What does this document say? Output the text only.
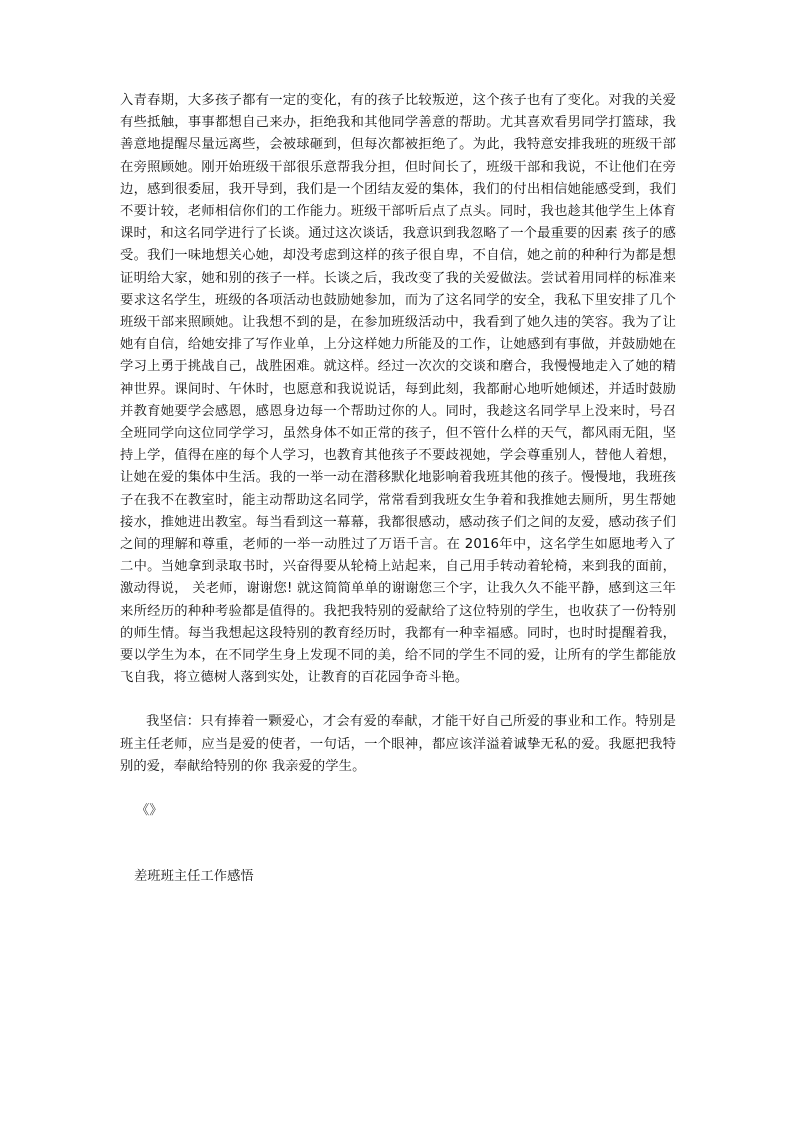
入青春期，大多孩子都有一定的变化，有的孩子比较叛逆，这个孩子也有了变化。对我的关爱有些抵触，事事都想自己来办，拒绝我和其他同学善意的帮助。尤其喜欢看男同学打篮球，我善意地提醒尽量远离些，会被球砸到，但每次都被拒绝了。为此，我特意安排我班的班级干部在旁照顾她。刚开始班级干部很乐意帮我分担，但时间长了，班级干部和我说，不让他们在旁边，感到很委屈，我开导到，我们是一个团结友爱的集体，我们的付出相信她能感受到，我们不要计较，老师相信你们的工作能力。班级干部听后点了点头。同时，我也趁其他学生上体育课时，和这名同学进行了长谈。通过这次谈话，我意识到我忽略了一个最重要的因素 孩子的感受。我们一味地想关心她，却没考虑到这样的孩子很自卑，不自信，她之前的种种行为都是想证明给大家，她和别的孩子一样。长谈之后，我改变了我的关爱做法。尝试着用同样的标准来要求这名学生，班级的各项活动也鼓励她参加，而为了这名同学的安全，我私下里安排了几个班级干部来照顾她。让我想不到的是，在参加班级活动中，我看到了她久违的笑容。我为了让她有自信，给她安排了写作业单，上分这样她力所能及的工作，让她感到有事做，并鼓励她在学习上勇于挑战自己，战胜困难。就这样。经过一次次的交谈和磨合，我慢慢地走入了她的精神世界。课间时、午休时，也愿意和我说说话，每到此刻，我都耐心地听她倾述，并适时鼓励并教育她要学会感恩，感恩身边每一个帮助过你的人。同时，我趁这名同学早上没来时，号召全班同学向这位同学学习，虽然身体不如正常的孩子，但不管什么样的天气，都风雨无阻，坚持上学，值得在座的每个人学习，也教育其他孩子不要歧视她，学会尊重别人，替他人着想，让她在爱的集体中生活。我的一举一动在潜移默化地影响着我班其他的孩子。慢慢地，我班孩子在我不在教室时，能主动帮助这名同学，常常看到我班女生争着和我推她去厕所，男生帮她接水，推她进出教室。每当看到这一幕幕，我都很感动，感动孩子们之间的友爱，感动孩子们之间的理解和尊重，老师的一举一动胜过了万语千言。在 2016年中，这名学生如愿地考入了二中。当她拿到录取书时，兴奋得要从轮椅上站起来，自己用手转动着轮椅，来到我的面前，激动得说， 关老师，谢谢您! 就这简简单单的谢谢您三个字，让我久久不能平静，感到这三年来所经历的种种考验都是值得的。我把我特别的爱献给了这位特别的学生，也收获了一份特别的师生情。每当我想起这段特别的教育经历时，我都有一种幸福感。同时，也时时提醒着我，要以学生为本，在不同学生身上发现不同的美，给不同的学生不同的爱，让所有的学生都能放飞自我，将立德树人落到实处，让教育的百花园争奇斗艳。

我坚信：只有捧着一颗爱心，才会有爱的奉献，才能干好自己所爱的事业和工作。特别是班主任老师，应当是爱的使者，一句话，一个眼神，都应该洋溢着诚挚无私的爱。我愿把我特别的爱，奉献给特别的你 我亲爱的学生。

《》

差班班主任工作感悟
